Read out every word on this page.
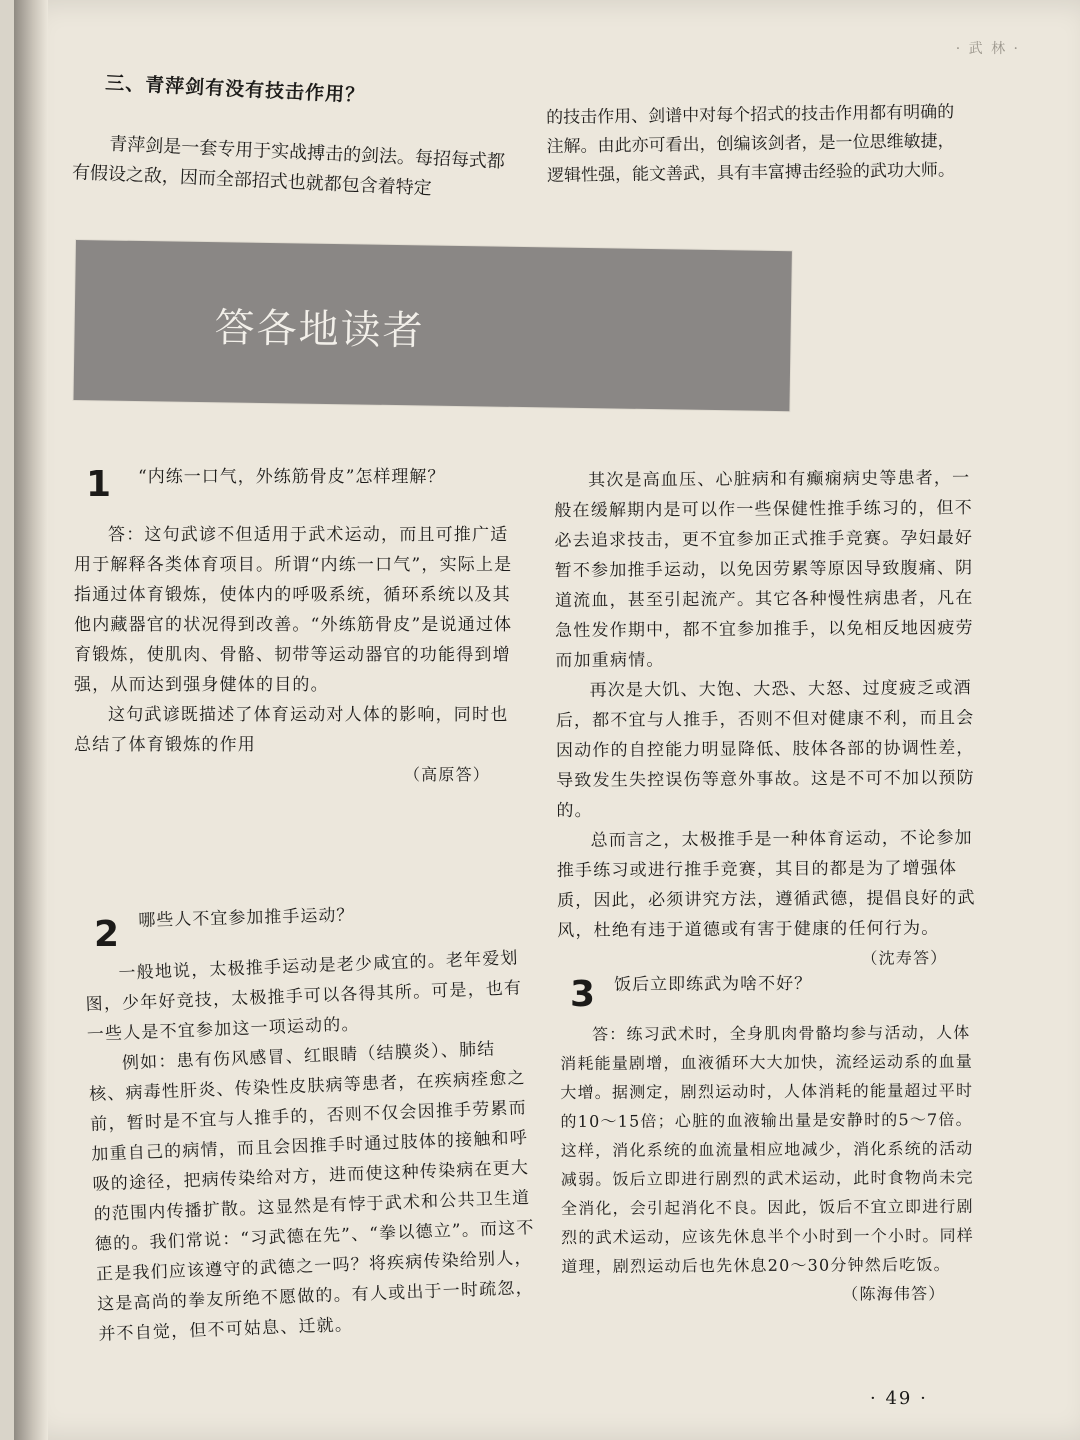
· 武 林 ·
三、青萍剑有没有技击作用？

青萍剑是一套专用于实战搏击的剑法。每招每式都有假设之敌，因而全部招式也就都包含着特定

的技击作用、剑谱中对每个招式的技击作用都有明确的注解。由此亦可看出，创编该剑者，是一位思维敏捷，逻辑性强，能文善武，具有丰富搏击经验的武功大师。

答各地读者
1 “内练一口气，外练筋骨皮”怎样理解？

答：这句武谚不但适用于武术运动，而且可推广适用于解释各类体育项目。所谓“内练一口气”，实际上是指通过体育锻炼，使体内的呼吸系统，循环系统以及其他内藏器官的状况得到改善。“外练筋骨皮”是说通过体育锻炼，使肌肉、骨骼、韧带等运动器官的功能得到增强，从而达到强身健体的目的。

这句武谚既描述了体育运动对人体的影响，同时也总结了体育锻炼的作用

（高原答）
2 哪些人不宜参加推手运动？

一般地说，太极推手运动是老少咸宜的。老年爱划图，少年好竞技，太极推手可以各得其所。可是，也有一些人是不宜参加这一项运动的。

例如：患有伤风感冒、红眼睛（结膜炎）、肺结核、病毒性肝炎、传染性皮肤病等患者，在疾病痊愈之前，暂时是不宜与人推手的，否则不仅会因推手劳累而加重自己的病情，而且会因推手时通过肢体的接触和呼吸的途径，把病传染给对方，进而使这种传染病在更大的范围内传播扩散。这显然是有悖于武术和公共卫生道德的。我们常说：“习武德在先”、“拳以德立”。而这不正是我们应该遵守的武德之一吗？将疾病传染给别人，这是高尚的拳友所绝不愿做的。有人或出于一时疏忽，并不自觉，但不可姑息、迁就。

其次是高血压、心脏病和有癫痫病史等患者，一般在缓解期内是可以作一些保健性推手练习的，但不必去追求技击，更不宜参加正式推手竞赛。孕妇最好暂不参加推手运动，以免因劳累等原因导致腹痛、阴道流血，甚至引起流产。其它各种慢性病患者，凡在急性发作期中，都不宜参加推手，以免相反地因疲劳而加重病情。

再次是大饥、大饱、大恐、大怒、过度疲乏或酒后，都不宜与人推手，否则不但对健康不利，而且会因动作的自控能力明显降低、肢体各部的协调性差，导致发生失控误伤等意外事故。这是不可不加以预防的。

总而言之，太极推手是一种体育运动，不论参加推手练习或进行推手竞赛，其目的都是为了增强体质，因此，必须讲究方法，遵循武德，提倡良好的武风，杜绝有违于道德或有害于健康的任何行为。

（沈寿答）
3 饭后立即练武为啥不好？

答：练习武术时，全身肌肉骨骼均参与活动，人体消耗能量剧增，血液循环大大加快，流经运动系的血量大增。据测定，剧烈运动时，人体消耗的能量超过平时的10～15倍；心脏的血液输出量是安静时的5～7倍。这样，消化系统的血流量相应地减少，消化系统的活动减弱。饭后立即进行剧烈的武术运动，此时食物尚未完全消化，会引起消化不良。因此，饭后不宜立即进行剧烈的武术运动，应该先休息半个小时到一个小时。同样道理，剧烈运动后也先休息20～30分钟然后吃饭。

（陈海伟答）
· 49 ·
